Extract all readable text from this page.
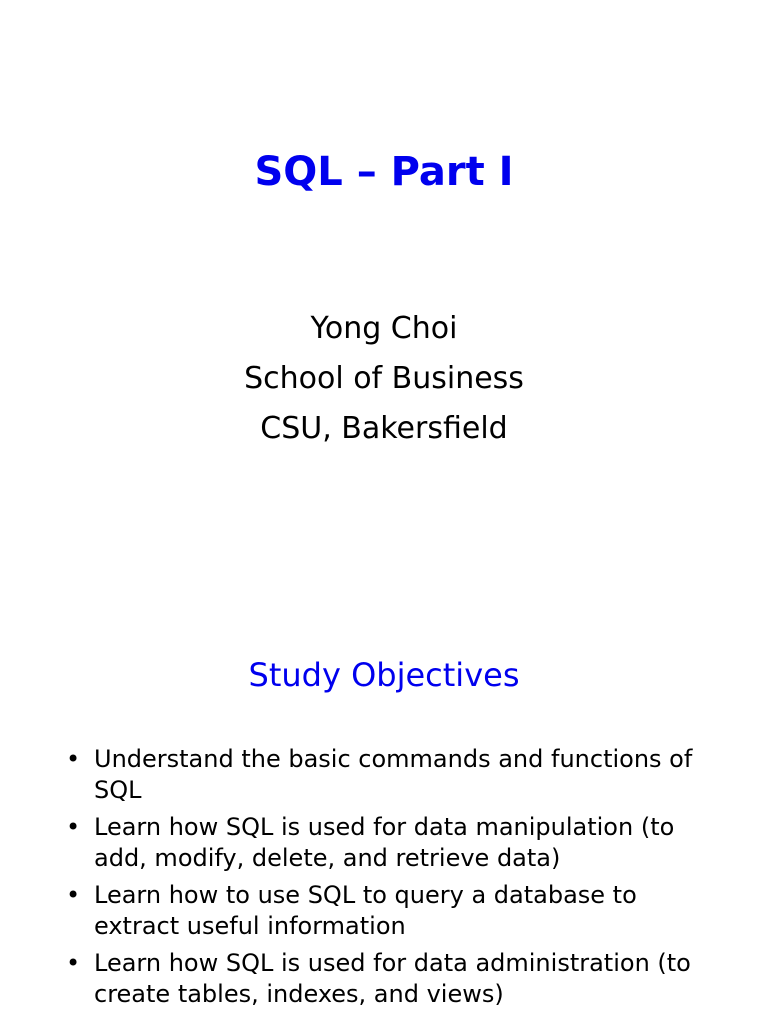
SQL – Part I
Yong Choi
School of Business
CSU, Bakersfield
Study Objectives
• Understand the basic commands and functions of SQL
• Learn how SQL is used for data manipulation (to add, modify, delete, and retrieve data)
• Learn how to use SQL to query a database to extract useful information
• Learn how SQL is used for data administration (to create tables, indexes, and views)
